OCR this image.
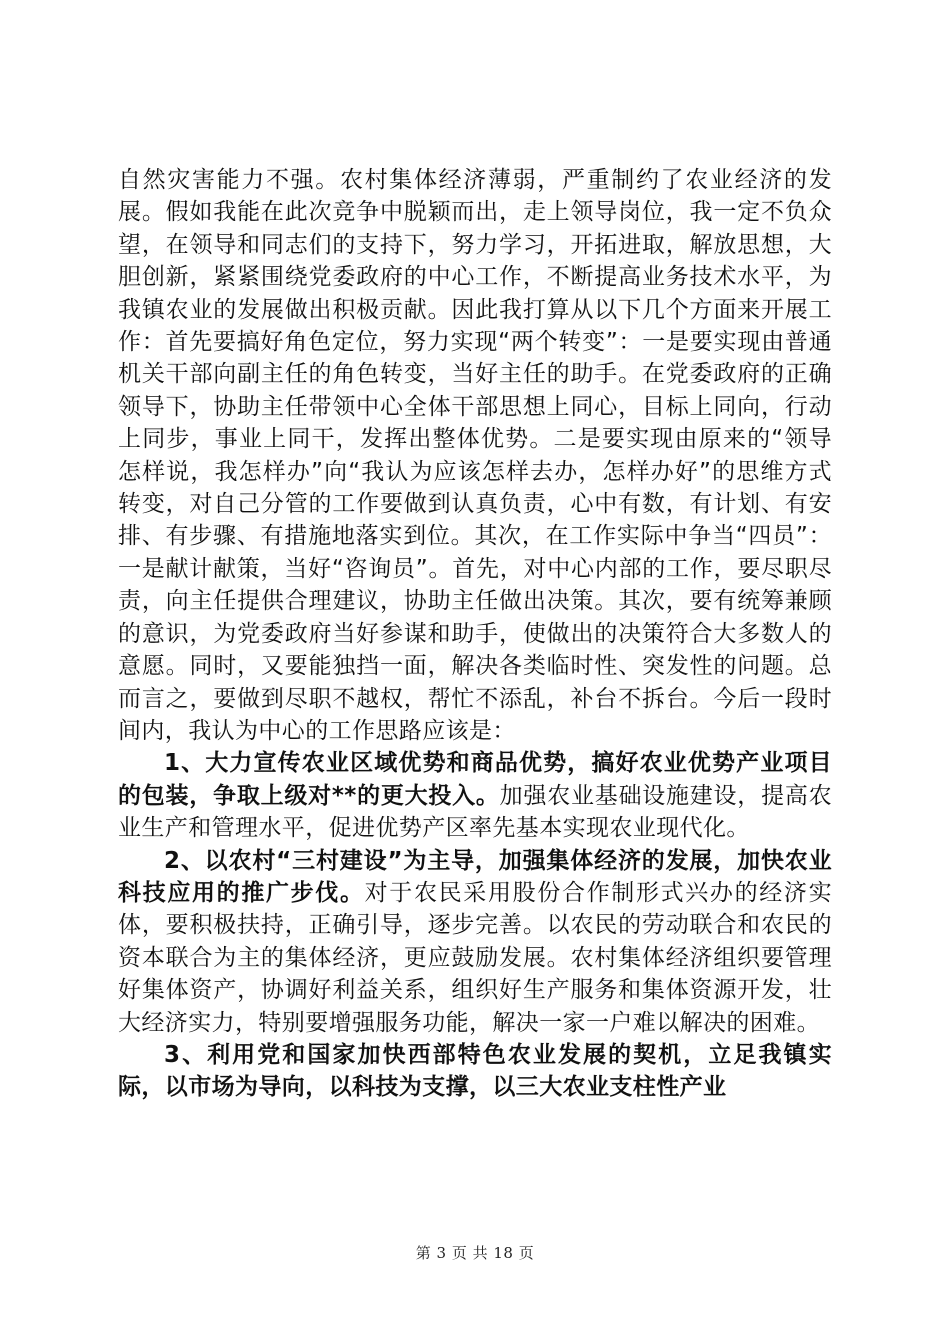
自然灾害能力不强。农村集体经济薄弱，严重制约了农业经济的发展。假如我能在此次竞争中脱颖而出，走上领导岗位，我一定不负众望，在领导和同志们的支持下，努力学习，开拓进取，解放思想，大胆创新，紧紧围绕党委政府的中心工作，不断提高业务技术水平，为我镇农业的发展做出积极贡献。因此我打算从以下几个方面来开展工作：首先要搞好角色定位，努力实现“两个转变”：一是要实现由普通机关干部向副主任的角色转变，当好主任的助手。在党委政府的正确领导下，协助主任带领中心全体干部思想上同心，目标上同向，行动上同步，事业上同干，发挥出整体优势。二是要实现由原来的“领导怎样说，我怎样办”向“我认为应该怎样去办，怎样办好”的思维方式转变，对自己分管的工作要做到认真负责，心中有数，有计划、有安排、有步骤、有措施地落实到位。其次，在工作实际中争当“四员”：一是献计献策，当好“咨询员”。首先，对中心内部的工作，要尽职尽责，向主任提供合理建议，协助主任做出决策。其次，要有统筹兼顾的意识，为党委政府当好参谋和助手，使做出的决策符合大多数人的意愿。同时，又要能独挡一面，解决各类临时性、突发性的问题。总而言之，要做到尽职不越权，帮忙不添乱，补台不拆台。今后一段时间内，我认为中心的工作思路应该是：

1、大力宣传农业区域优势和商品优势，搞好农业优势产业项目的包装，争取上级对**的更大投入。加强农业基础设施建设，提高农业生产和管理水平，促进优势产区率先基本实现农业现代化。

2、以农村“三村建设”为主导，加强集体经济的发展，加快农业科技应用的推广步伐。对于农民采用股份合作制形式兴办的经济实体，要积极扶持，正确引导，逐步完善。以农民的劳动联合和农民的资本联合为主的集体经济，更应鼓励发展。农村集体经济组织要管理好集体资产，协调好利益关系，组织好生产服务和集体资源开发，壮大经济实力，特别要增强服务功能，解决一家一户难以解决的困难。

3、利用党和国家加快西部特色农业发展的契机，立足我镇实际，以市场为导向，以科技为支撑，以三大农业支柱性产业

第 3 页 共 18 页
